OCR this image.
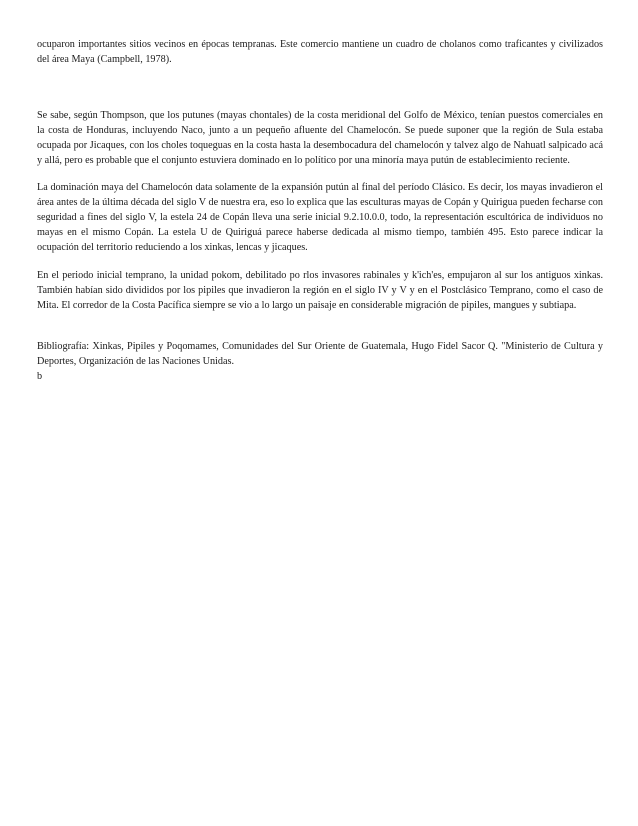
ocuparon importantes sitios vecinos en épocas tempranas. Este comercio mantiene un cuadro de cholanos como traficantes y civilizados del área Maya (Campbell, 1978).

Se sabe, según Thompson, que los putunes (mayas chontales) de la costa meridional del Golfo de México, tenían puestos comerciales en la costa de Honduras, incluyendo Naco, junto a un pequeño afluente del Chamelocón. Se puede suponer que la región de Sula estaba ocupada por Jicaques, con los choles toqueguas en la costa hasta la desembocadura del chamelocón y talvez algo de Nahuatl salpicado acá y allá, pero es probable que el conjunto estuviera dominado en lo político por una minoría maya putún de establecimiento reciente.

La dominación maya del Chamelocón data solamente de la expansión putún al final del período Clásico. Es decir, los mayas invadieron el área antes de la última década del siglo V de nuestra era, eso lo explica que las esculturas mayas de Copán y Quirigua pueden fecharse con seguridad a fines del siglo V, la estela 24 de Copán lleva una serie inicial 9.2.10.0.0, todo, la representación escultórica de individuos no mayas en el mismo Copán. La estela U de Quiriguá parece haberse dedicada al mismo tiempo, también 495. Esto parece indicar la ocupación del territorio reduciendo a los xinkas, lencas y jicaques.

En el periodo inicial temprano, la unidad pokom, debilitado po rlos invasores rabinales y k'ich'es, empujaron al sur los antiguos xinkas. También habían sido divididos por los pipiles que invadieron la región en el siglo IV y V y en el Postclásico Temprano, como el caso de Mita. El corredor de la Costa Pacífica siempre se vio a lo largo un paisaje en considerable migración de pipiles, mangues y subtiapa.

Bibliografía: Xinkas, Pipiles y Poqomames, Comunidades del Sur Oriente de Guatemala, Hugo Fidel Sacor Q. "Ministerio de Cultura y Deportes, Organización de las Naciones Unidas.

b
